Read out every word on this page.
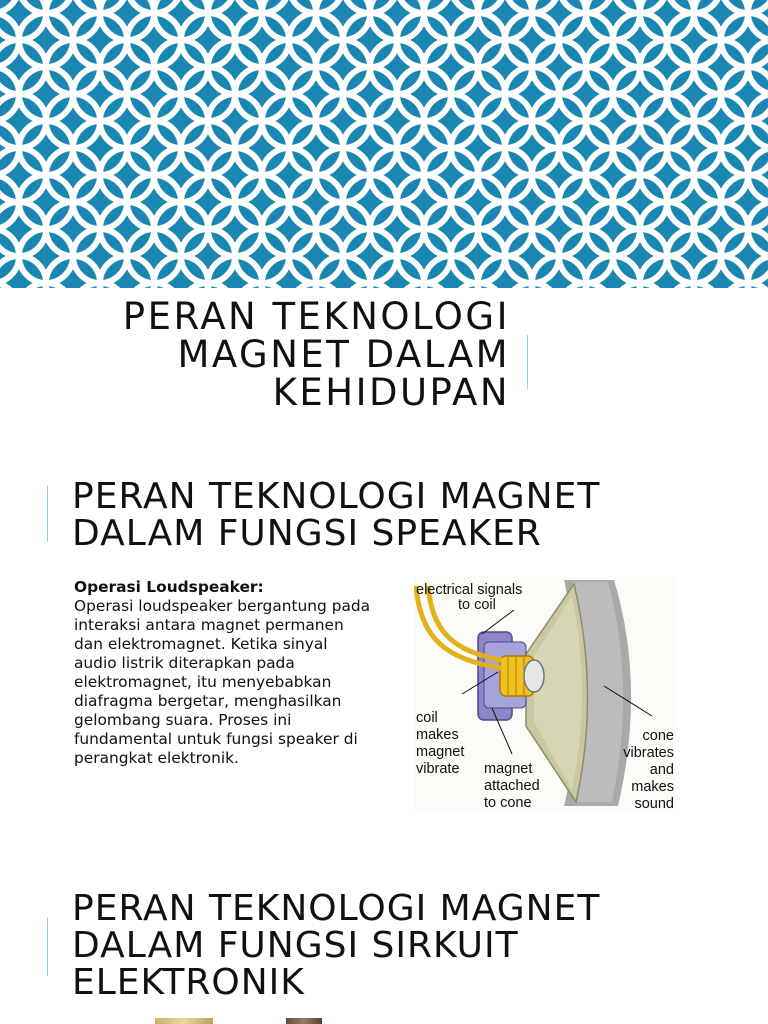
PERAN TEKNOLOGI
MAGNET DALAM
KEHIDUPAN
PERAN TEKNOLOGI MAGNET
DALAM FUNGSI SPEAKER
Operasi Loudspeaker:
Operasi loudspeaker bergantung pada interaksi antara magnet permanen dan elektromagnet. Ketika sinyal audio listrik diterapkan pada elektromagnet, itu menyebabkan diafragma bergetar, menghasilkan gelombang suara. Proses ini fundamental untuk fungsi speaker di perangkat elektronik.
electrical signals
to coil
coil
makes
magnet
vibrate magnet
attached
to cone
cone
vibrates
and
makes
sound
PERAN TEKNOLOGI MAGNET
DALAM FUNGSI SIRKUIT
ELEKTRONIK
